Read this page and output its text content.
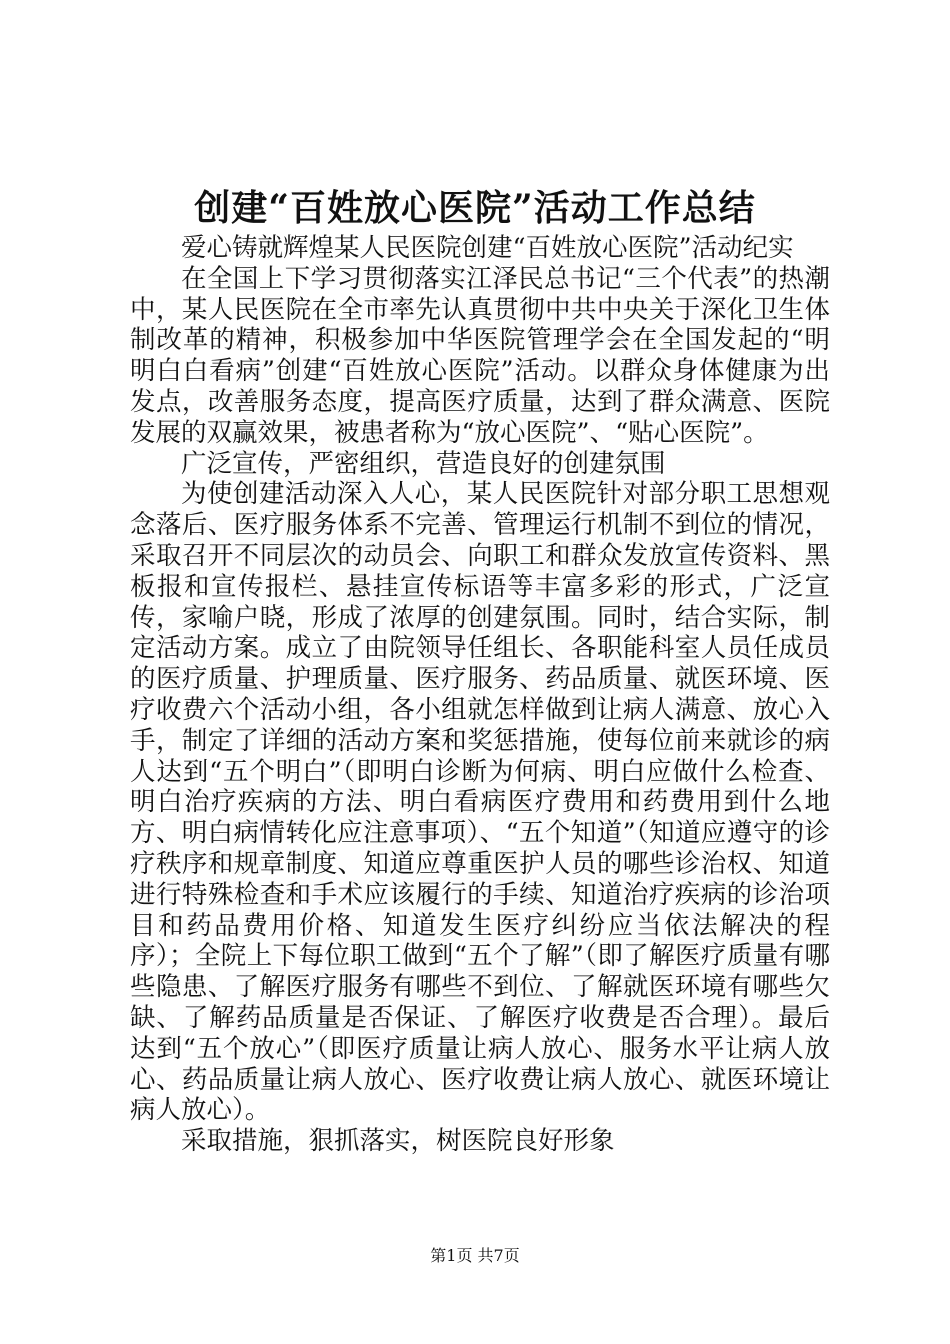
创建“百姓放心医院”活动工作总结

爱心铸就辉煌某人民医院创建“百姓放心医院”活动纪实

在全国上下学习贯彻落实江泽民总书记“三个代表”的热潮中，某人民医院在全市率先认真贯彻中共中央关于深化卫生体制改革的精神，积极参加中华医院管理学会在全国发起的“明明白白看病”创建“百姓放心医院”活动。以群众身体健康为出发点，改善服务态度，提高医疗质量，达到了群众满意、医院发展的双赢效果，被患者称为“放心医院”、“贴心医院”。

广泛宣传，严密组织，营造良好的创建氛围

为使创建活动深入人心，某人民医院针对部分职工思想观念落后、医疗服务体系不完善、管理运行机制不到位的情况，采取召开不同层次的动员会、向职工和群众发放宣传资料、黑板报和宣传报栏、悬挂宣传标语等丰富多彩的形式，广泛宣传，家喻户晓，形成了浓厚的创建氛围。同时，结合实际，制定活动方案。成立了由院领导任组长、各职能科室人员任成员的医疗质量、护理质量、医疗服务、药品质量、就医环境、医疗收费六个活动小组，各小组就怎样做到让病人满意、放心入手，制定了详细的活动方案和奖惩措施，使每位前来就诊的病人达到“五个明白”（即明白诊断为何病、明白应做什么检查、明白治疗疾病的方法、明白看病医疗费用和药费用到什么地方、明白病情转化应注意事项）、“五个知道”（知道应遵守的诊疗秩序和规章制度、知道应尊重医护人员的哪些诊治权、知道进行特殊检查和手术应该履行的手续、知道治疗疾病的诊治项目和药品费用价格、知道发生医疗纠纷应当依法解决的程序）；全院上下每位职工做到“五个了解”（即了解医疗质量有哪些隐患、了解医疗服务有哪些不到位、了解就医环境有哪些欠缺、了解药品质量是否保证、了解医疗收费是否合理）。最后达到“五个放心”（即医疗质量让病人放心、服务水平让病人放心、药品质量让病人放心、医疗收费让病人放心、就医环境让病人放心）。

采取措施，狠抓落实，树医院良好形象

第1页 共7页
